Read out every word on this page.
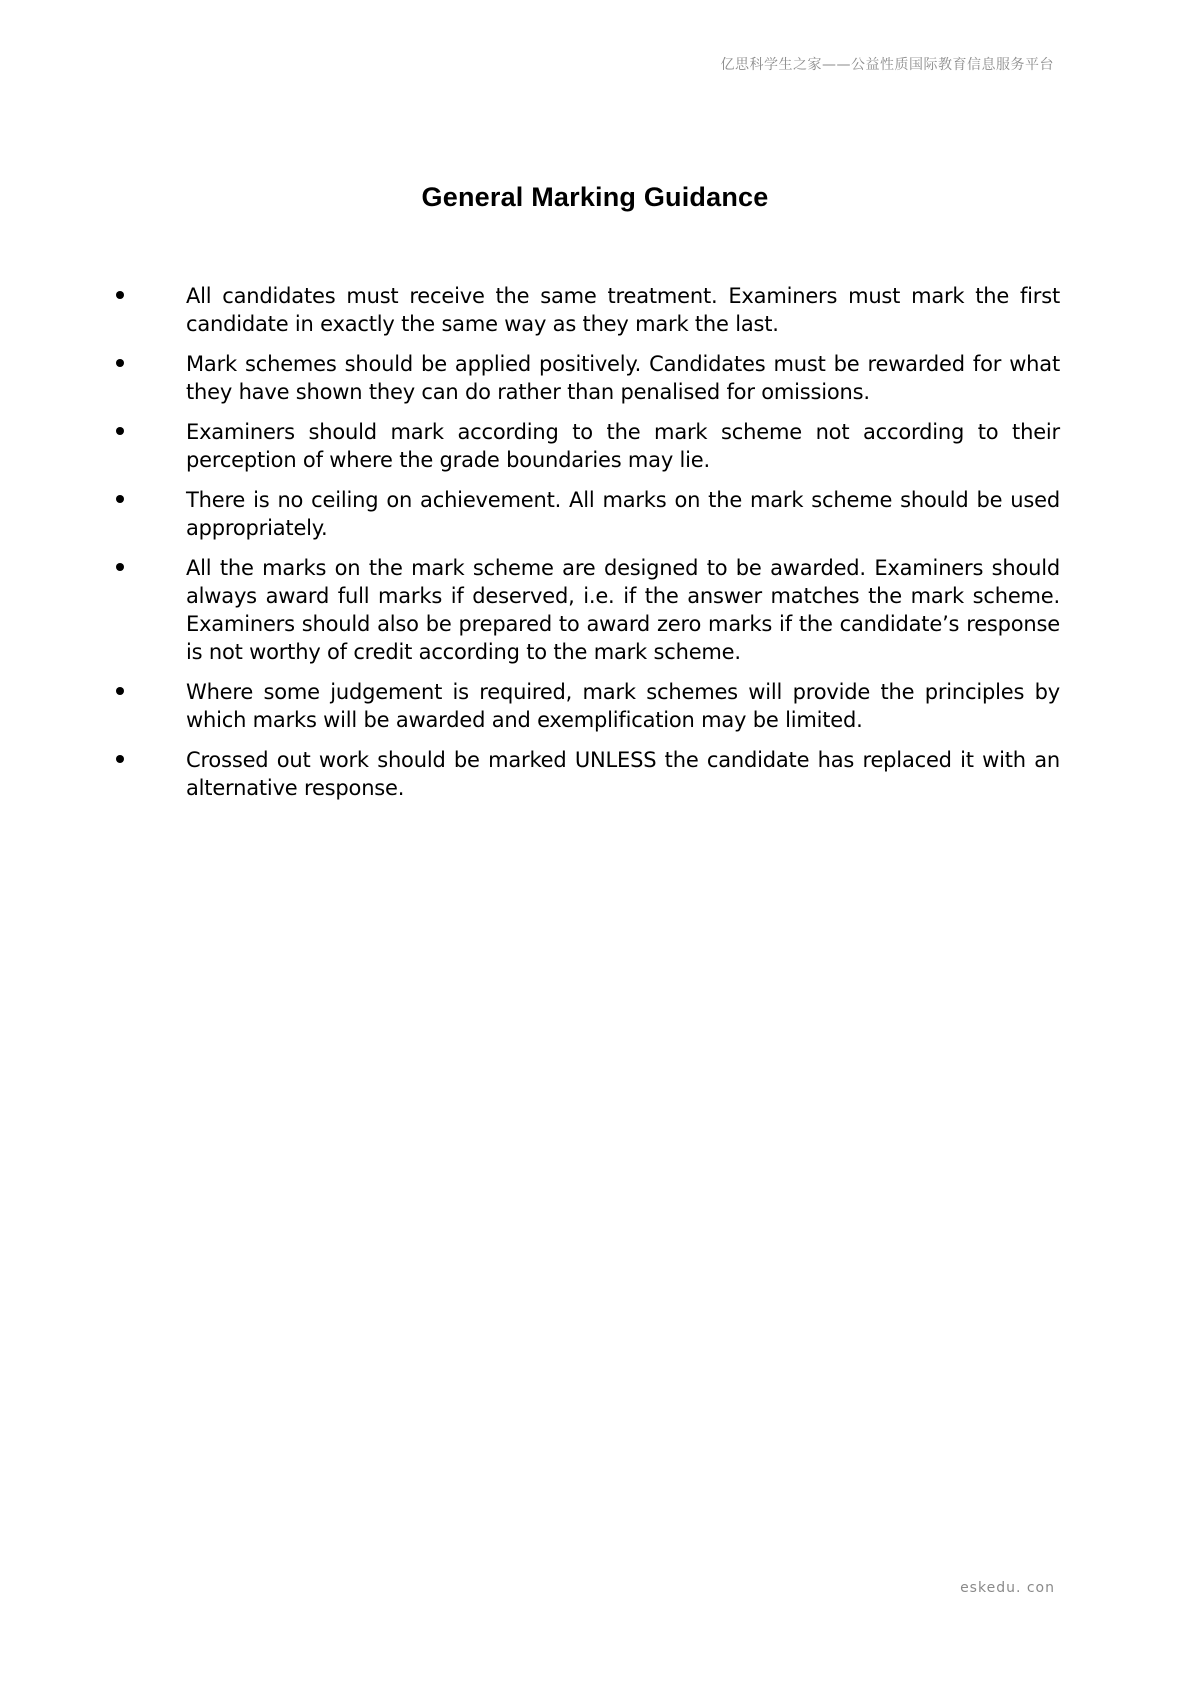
亿思科学生之家——公益性质国际教育信息服务平台
General Marking Guidance
All candidates must receive the same treatment. Examiners must mark the first candidate in exactly the same way as they mark the last.
Mark schemes should be applied positively. Candidates must be rewarded for what they have shown they can do rather than penalised for omissions.
Examiners should mark according to the mark scheme not according to their perception of where the grade boundaries may lie.
There is no ceiling on achievement. All marks on the mark scheme should be used appropriately.
All the marks on the mark scheme are designed to be awarded. Examiners should always award full marks if deserved, i.e. if the answer matches the mark scheme. Examiners should also be prepared to award zero marks if the candidate’s response is not worthy of credit according to the mark scheme.
Where some judgement is required, mark schemes will provide the principles by which marks will be awarded and exemplification may be limited.
Crossed out work should be marked UNLESS the candidate has replaced it with an alternative response.
eskedu. con
